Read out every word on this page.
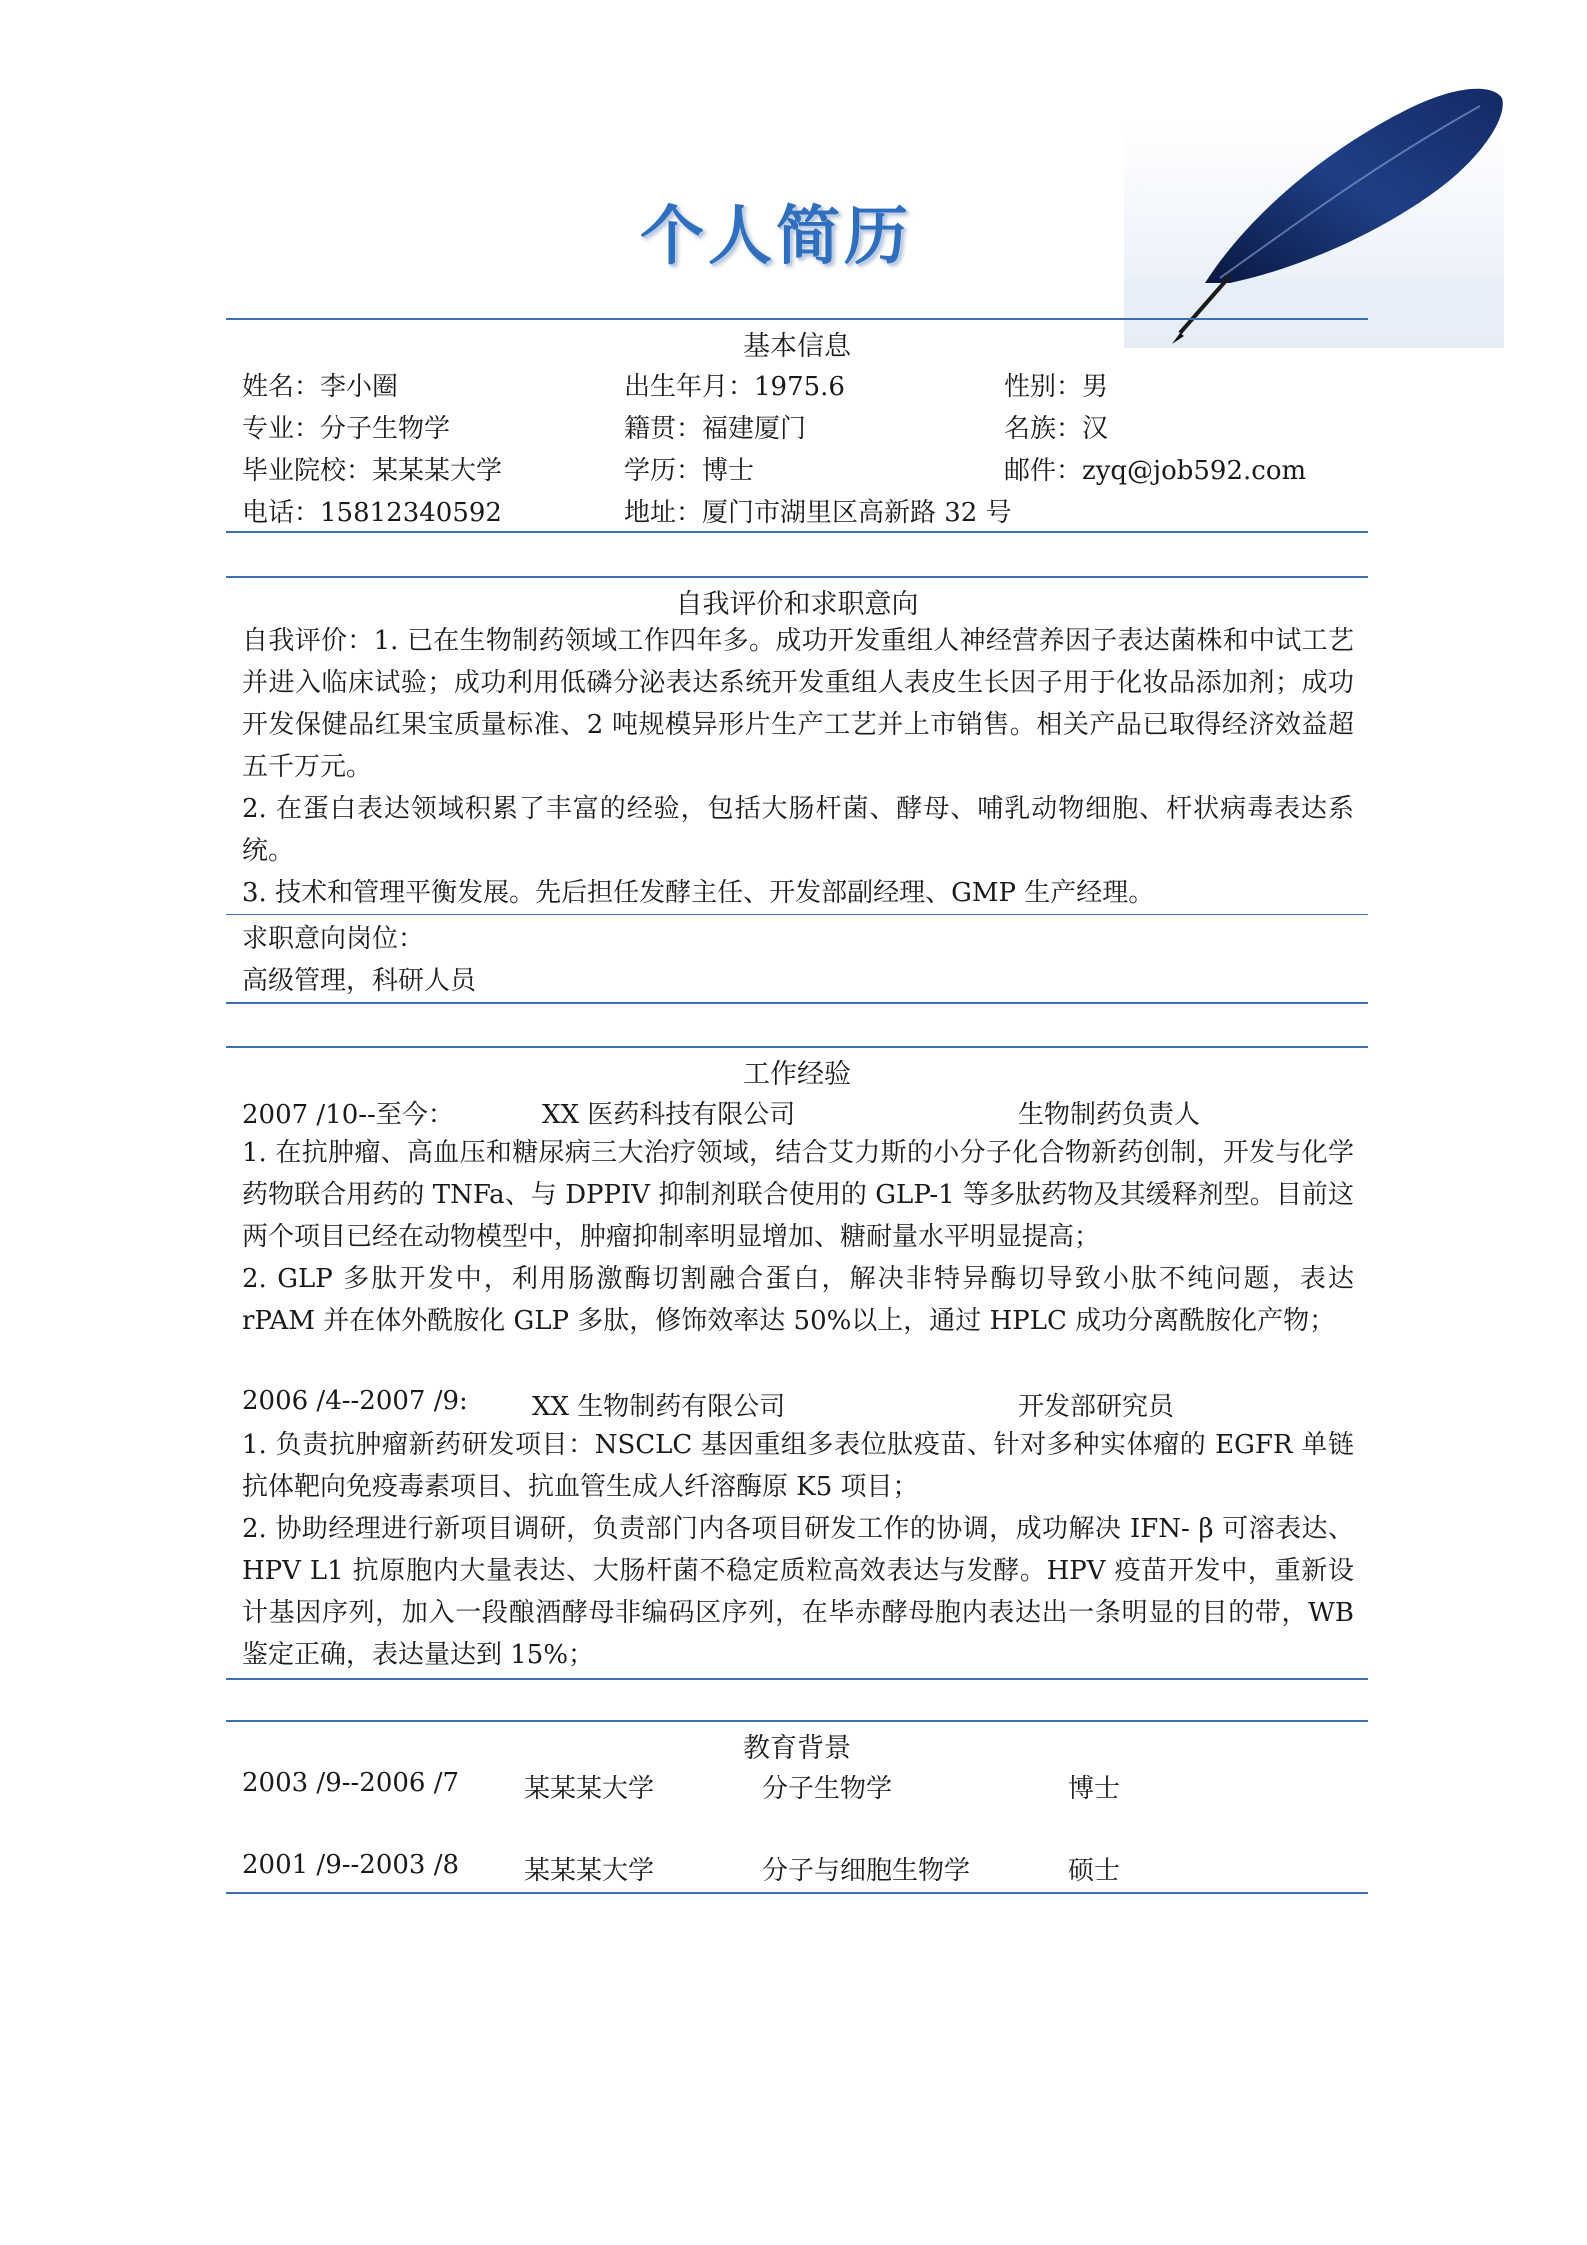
个人简历
基本信息
姓名：李小圈	出生年月：1975.6	性别：男
专业：分子生物学	籍贯：福建厦门	名族：汉
毕业院校：某某某大学	学历：博士	邮件：zyq@job592.com
电话：15812340592	地址：厦门市湖里区高新路 32 号
自我评价和求职意向
自我评价：1. 已在生物制药领域工作四年多。成功开发重组人神经营养因子表达菌株和中试工艺并进入临床试验；成功利用低磷分泌表达系统开发重组人表皮生长因子用于化妆品添加剂；成功开发保健品红果宝质量标准、2 吨规模异形片生产工艺并上市销售。相关产品已取得经济效益超五千万元。
2. 在蛋白表达领域积累了丰富的经验，包括大肠杆菌、酵母、哺乳动物细胞、杆状病毒表达系统。
3. 技术和管理平衡发展。先后担任发酵主任、开发部副经理、GMP 生产经理。
求职意向岗位：
高级管理，科研人员
工作经验
2007 /10--至今：	XX 医药科技有限公司	生物制药负责人
1. 在抗肿瘤、高血压和糖尿病三大治疗领域，结合艾力斯的小分子化合物新药创制，开发与化学药物联合用药的 TNFa、与 DPPIV 抑制剂联合使用的 GLP-1 等多肽药物及其缓释剂型。目前这两个项目已经在动物模型中，肿瘤抑制率明显增加、糖耐量水平明显提高；
2. GLP 多肽开发中，利用肠激酶切割融合蛋白，解决非特异酶切导致小肽不纯问题，表达 rPAM 并在体外酰胺化 GLP 多肽，修饰效率达 50%以上，通过 HPLC 成功分离酰胺化产物；
2006 /4--2007 /9: XX 生物制药有限公司	开发部研究员
1. 负责抗肿瘤新药研发项目：NSCLC 基因重组多表位肽疫苗、针对多种实体瘤的 EGFR 单链抗体靶向免疫毒素项目、抗血管生成人纤溶酶原 K5 项目；
2. 协助经理进行新项目调研，负责部门内各项目研发工作的协调，成功解决 IFN- β 可溶表达、HPV L1 抗原胞内大量表达、大肠杆菌不稳定质粒高效表达与发酵。HPV 疫苗开发中，重新设计基因序列，加入一段酿酒酵母非编码区序列，在毕赤酵母胞内表达出一条明显的目的带，WB 鉴定正确，表达量达到 15%；
教育背景
2003 /9--2006 /7 某某某大学	分子生物学	博士
2001 /9--2003 /8 某某某大学	分子与细胞生物学	硕士
